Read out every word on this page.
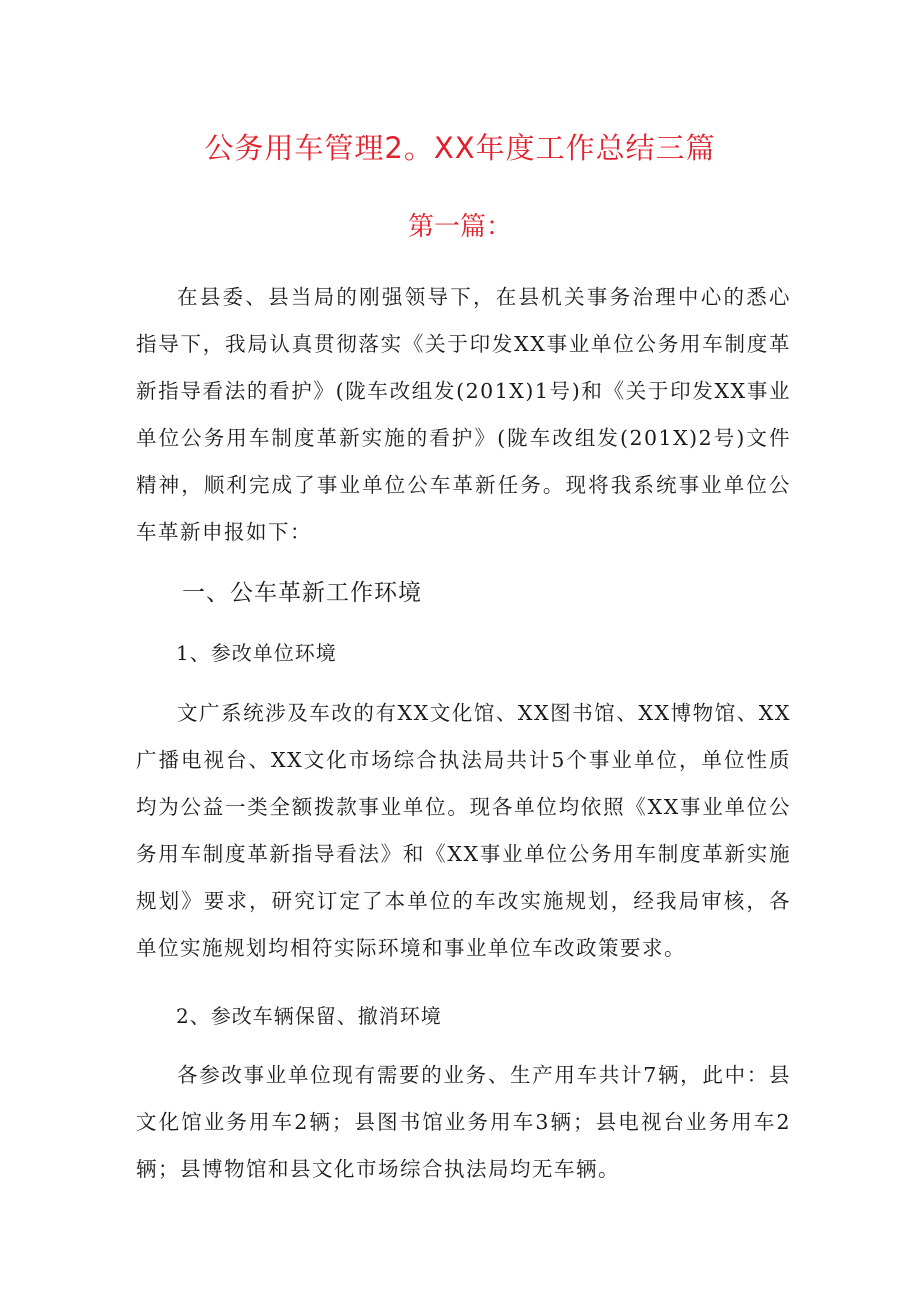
公务用车管理2。XX年度工作总结三篇
第一篇：

在县委、县当局的刚强领导下，在县机关事务治理中心的悉心指导下，我局认真贯彻落实《关于印发XX事业单位公务用车制度革新指导看法的看护》(陇车改组发(201X)1号)和《关于印发XX事业单位公务用车制度革新实施的看护》(陇车改组发(201X)2号)文件精神，顺利完成了事业单位公车革新任务。现将我系统事业单位公车革新申报如下：

一、公车革新工作环境
1、参改单位环境

文广系统涉及车改的有XX文化馆、XX图书馆、XX博物馆、XX广播电视台、XX文化市场综合执法局共计5个事业单位，单位性质均为公益一类全额拨款事业单位。现各单位均依照《XX事业单位公务用车制度革新指导看法》和《XX事业单位公务用车制度革新实施规划》要求，研究订定了本单位的车改实施规划，经我局审核，各单位实施规划均相符实际环境和事业单位车改政策要求。

2、参改车辆保留、撤消环境

各参改事业单位现有需要的业务、生产用车共计7辆，此中：县文化馆业务用车2辆；县图书馆业务用车3辆；县电视台业务用车2辆；县博物馆和县文化市场综合执法局均无车辆。
